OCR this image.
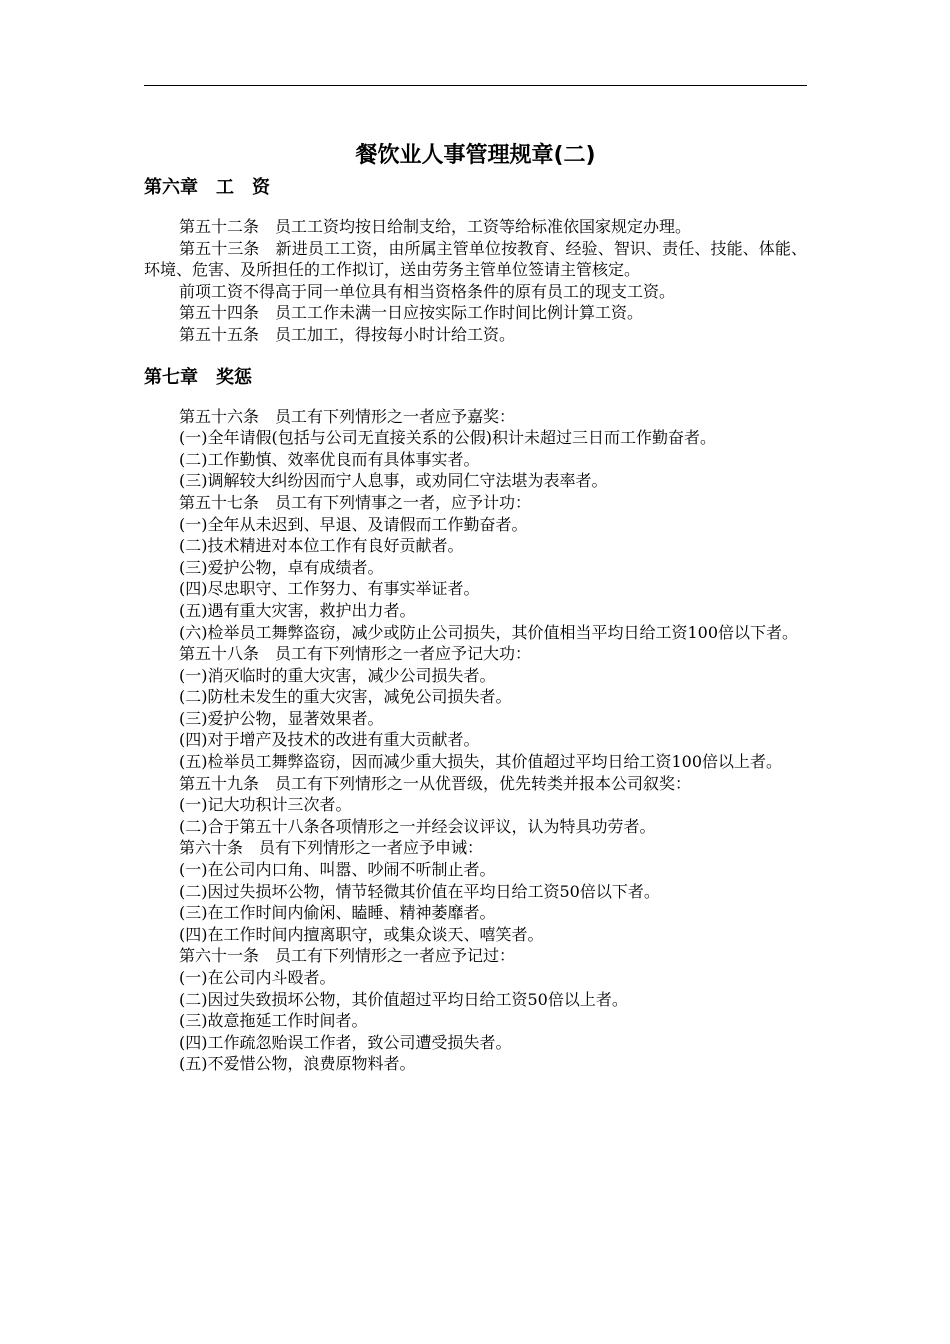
餐饮业人事管理规章(二)
第六章　工　资

第五十二条　员工工资均按日给制支给，工资等给标准依国家规定办理。

第五十三条　新进员工工资，由所属主管单位按教育、经验、智识、责任、技能、体能、环境、危害、及所担任的工作拟订，送由劳务主管单位签请主管核定。

前项工资不得高于同一单位具有相当资格条件的原有员工的现支工资。

第五十四条　员工工作未满一日应按实际工作时间比例计算工资。

第五十五条　员工加工，得按每小时计给工资。

第七章　奖惩

第五十六条　员工有下列情形之一者应予嘉奖：

(一)全年请假(包括与公司无直接关系的公假)积计未超过三日而工作勤奋者。

(二)工作勤慎、效率优良而有具体事实者。

(三)调解较大纠纷因而宁人息事，或劝同仁守法堪为表率者。

第五十七条　员工有下列情事之一者，应予计功：

(一)全年从未迟到、早退、及请假而工作勤奋者。

(二)技术精进对本位工作有良好贡献者。

(三)爱护公物，卓有成绩者。

(四)尽忠职守、工作努力、有事实举证者。

(五)遇有重大灾害，救护出力者。

(六)检举员工舞弊盗窃，减少或防止公司损失，其价值相当平均日给工资100倍以下者。

第五十八条　员工有下列情形之一者应予记大功：

(一)消灭临时的重大灾害，减少公司损失者。

(二)防杜未发生的重大灾害，减免公司损失者。

(三)爱护公物，显著效果者。

(四)对于增产及技术的改进有重大贡献者。

(五)检举员工舞弊盗窃，因而减少重大损失，其价值超过平均日给工资100倍以上者。

第五十九条　员工有下列情形之一从优晋级，优先转类并报本公司叙奖：

(一)记大功积计三次者。

(二)合于第五十八条各项情形之一并经会议评议，认为特具功劳者。

第六十条　员有下列情形之一者应予申诫：

(一)在公司内口角、叫嚣、吵闹不听制止者。

(二)因过失损坏公物，情节轻微其价值在平均日给工资50倍以下者。

(三)在工作时间内偷闲、瞌睡、精神萎靡者。

(四)在工作时间内擅离职守，或集众谈天、嘻笑者。

第六十一条　员工有下列情形之一者应予记过：

(一)在公司内斗殴者。

(二)因过失致损坏公物，其价值超过平均日给工资50倍以上者。

(三)故意拖延工作时间者。

(四)工作疏忽贻误工作者，致公司遭受损失者。

(五)不爱惜公物，浪费原物料者。
